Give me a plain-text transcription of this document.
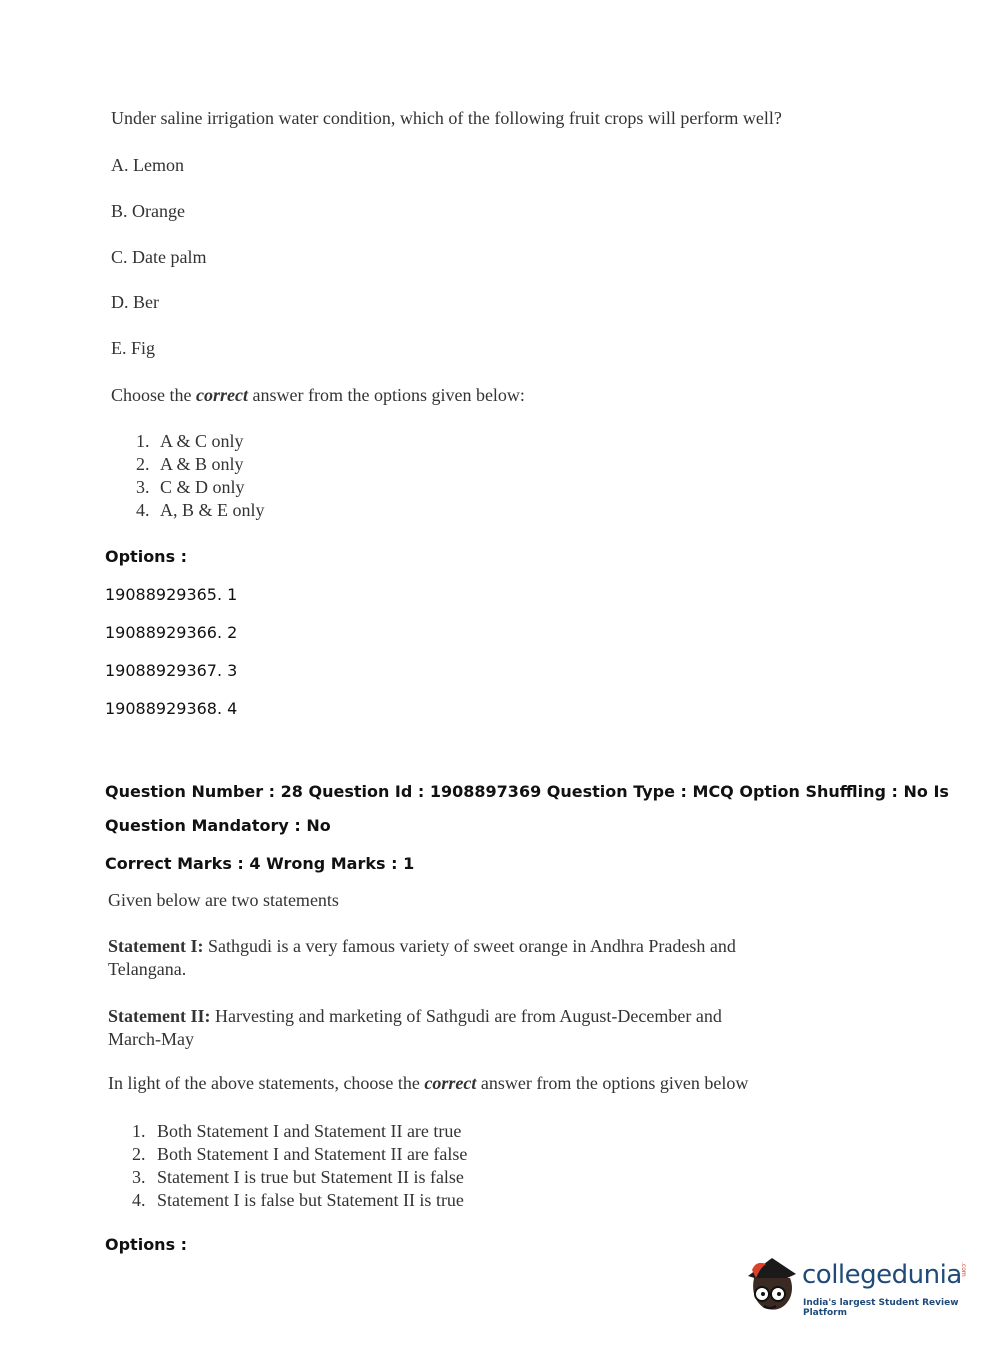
Under saline irrigation water condition, which of the following fruit crops will perform well?
A. Lemon
B. Orange
C. Date palm
D. Ber
E. Fig
Choose the correct answer from the options given below:
1. A & C only
2. A & B only
3. C & D only
4. A, B & E only
Options :
19088929365. 1
19088929366. 2
19088929367. 3
19088929368. 4
Question Number : 28 Question Id : 1908897369 Question Type : MCQ Option Shuffling : No Is
Question Mandatory : No
Correct Marks : 4 Wrong Marks : 1
Given below are two statements
Statement I: Sathgudi is a very famous variety of sweet orange in Andhra Pradesh and Telangana.
Statement II: Harvesting and marketing of Sathgudi are from August-December and March-May
In light of the above statements, choose the correct answer from the options given below
1. Both Statement I and Statement II are true
2. Both Statement I and Statement II are false
3. Statement I is true but Statement II is false
4. Statement I is false but Statement II is true
Options :
collegedunia
India's largest Student Review Platform
.com
